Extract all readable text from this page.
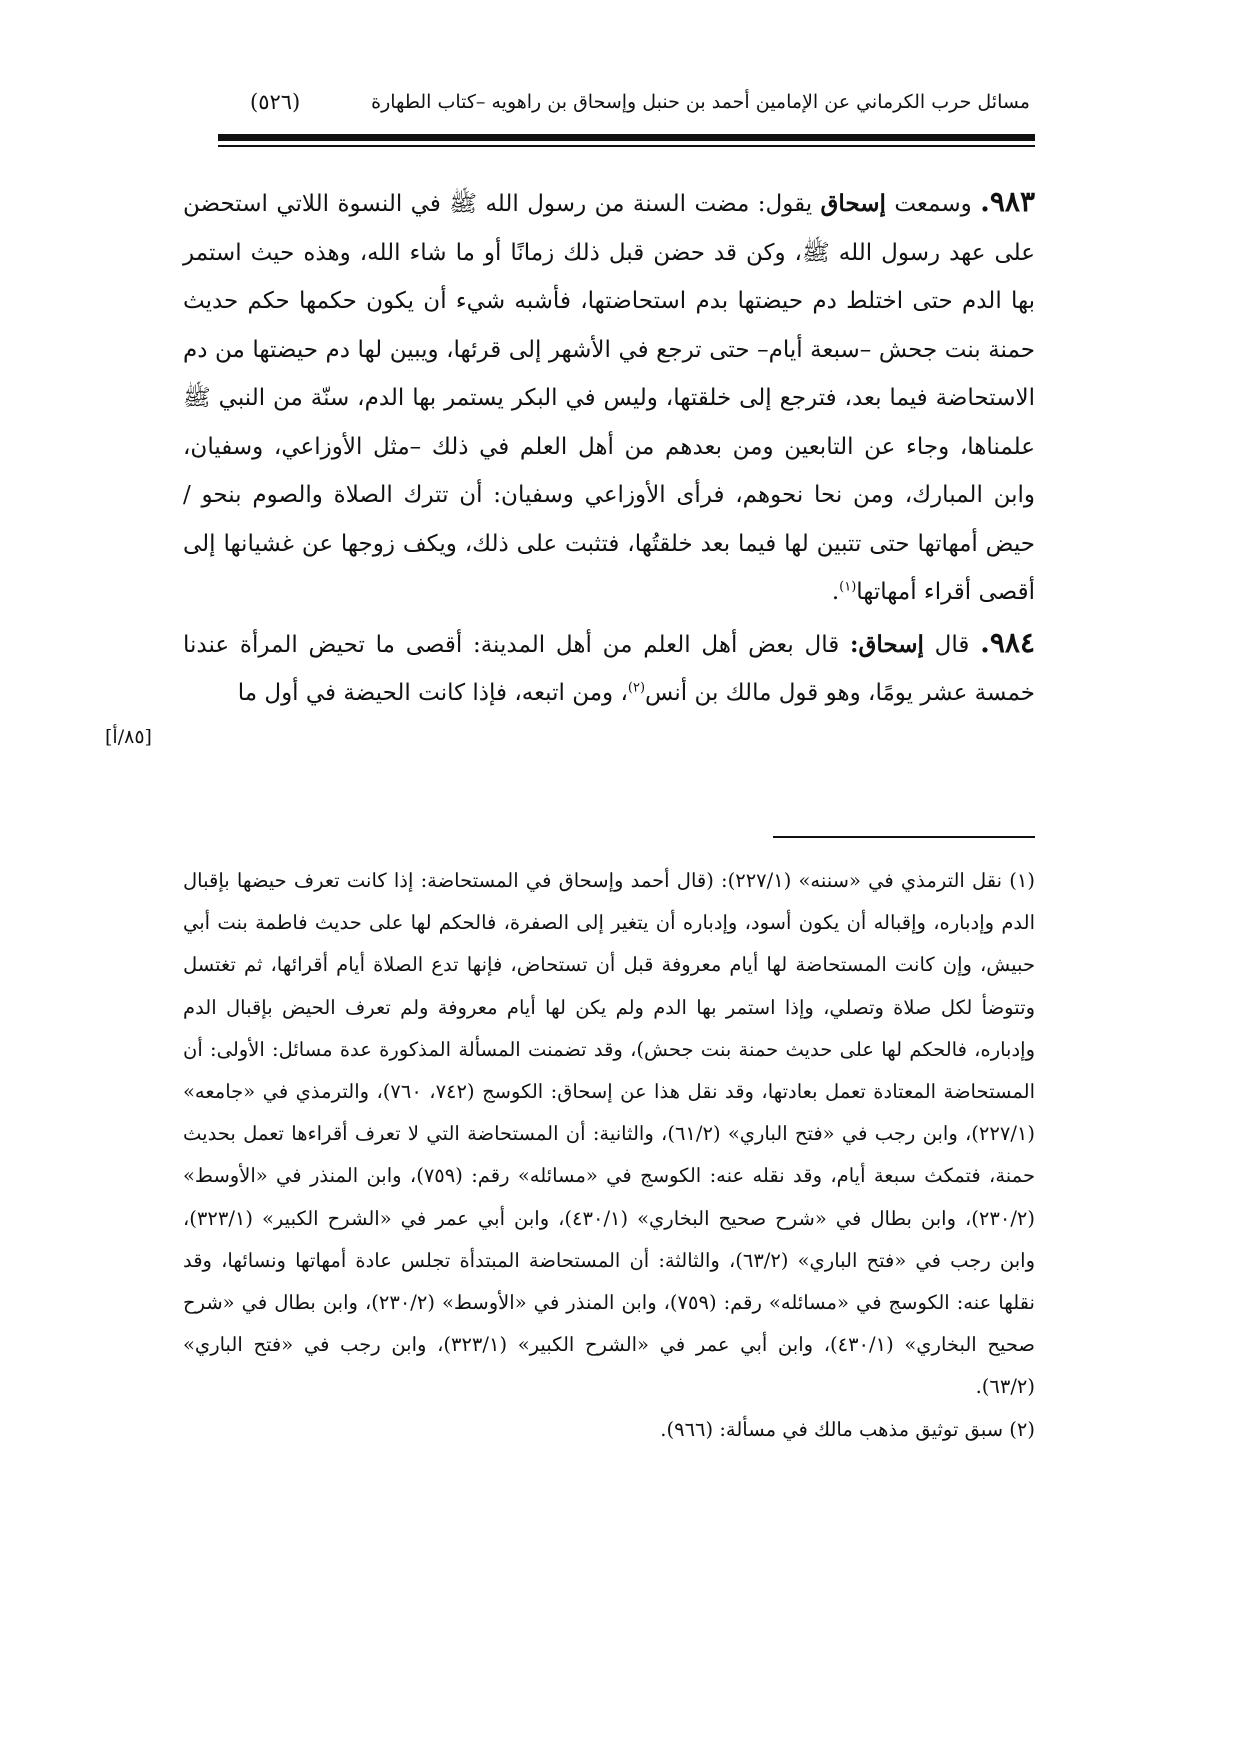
مسائل حرب الكرماني عن الإمامين أحمد بن حنبل وإسحاق بن راهويه –كتاب الطهارة
(٥٢٦)

٩٨٣. وسمعت إسحاق يقول: مضت السنة من رسول الله ﷺ في النسوة اللاتي استحضن على عهد رسول الله ﷺ، وكن قد حضن قبل ذلك زمانًا أو ما شاء الله، وهذه حيث استمر بها الدم حتى اختلط دم حيضتها بدم استحاضتها، فأشبه شيء أن يكون حكمها حكم حديث حمنة بنت جحش –سبعة أيام– حتى ترجع في الأشهر إلى قرئها، ويبين لها دم حيضتها من دم الاستحاضة فيما بعد، فترجع إلى خلقتها، وليس في البكر يستمر بها الدم، سنّة من النبي ﷺ علمناها، وجاء عن التابعين ومن بعدهم من أهل العلم في ذلك –مثل الأوزاعي، وسفيان، وابن المبارك، ومن نحا نحوهم، فرأى الأوزاعي وسفيان: أن تترك الصلاة والصوم بنحو / حيض أمهاتها حتى تتبين لها فيما بعد خلقتُها، فتثبت على ذلك، ويكف زوجها عن غشيانها إلى أقصى أقراء أمهاتها$^{(١)}$.

٩٨٤. قال إسحاق: قال بعض أهل العلم من أهل المدينة: أقصى ما تحيض المرأة عندنا خمسة عشر يومًا، وهو قول مالك بن أنس$^{(٢)}$، ومن اتبعه، فإذا كانت الحيضة في أول ما

[٨٥/أ]

(١) نقل الترمذي في «سننه» (٢٢٧/١): (قال أحمد وإسحاق في المستحاضة: إذا كانت تعرف حيضها بإقبال الدم وإدباره، وإقباله أن يكون أسود، وإدباره أن يتغير إلى الصفرة، فالحكم لها على حديث فاطمة بنت أبي حبيش، وإن كانت المستحاضة لها أيام معروفة قبل أن تستحاض، فإنها تدع الصلاة أيام أقرائها، ثم تغتسل وتتوضأ لكل صلاة وتصلي، وإذا استمر بها الدم ولم يكن لها أيام معروفة ولم تعرف الحيض بإقبال الدم وإدباره، فالحكم لها على حديث حمنة بنت جحش)، وقد تضمنت المسألة المذكورة عدة مسائل: الأولى: أن المستحاضة المعتادة تعمل بعادتها، وقد نقل هذا عن إسحاق: الكوسج (٧٤٢، ٧٦٠)، والترمذي في «جامعه» (٢٢٧/١)، وابن رجب في «فتح الباري» (٦١/٢)، والثانية: أن المستحاضة التي لا تعرف أقراءها تعمل بحديث حمنة، فتمكث سبعة أيام، وقد نقله عنه: الكوسج في «مسائله» رقم: (٧٥٩)، وابن المنذر في «الأوسط» (٢٣٠/٢)، وابن بطال في «شرح صحيح البخاري» (٤٣٠/١)، وابن أبي عمر في «الشرح الكبير» (٣٢٣/١)، وابن رجب في «فتح الباري» (٦٣/٢)، والثالثة: أن المستحاضة المبتدأة تجلس عادة أمهاتها ونسائها، وقد نقلها عنه: الكوسج في «مسائله» رقم: (٧٥٩)، وابن المنذر في «الأوسط» (٢٣٠/٢)، وابن بطال في «شرح صحيح البخاري» (٤٣٠/١)، وابن أبي عمر في «الشرح الكبير» (٣٢٣/١)، وابن رجب في «فتح الباري» (٦٣/٢).

(٢) سبق توثيق مذهب مالك في مسألة: (٩٦٦).
